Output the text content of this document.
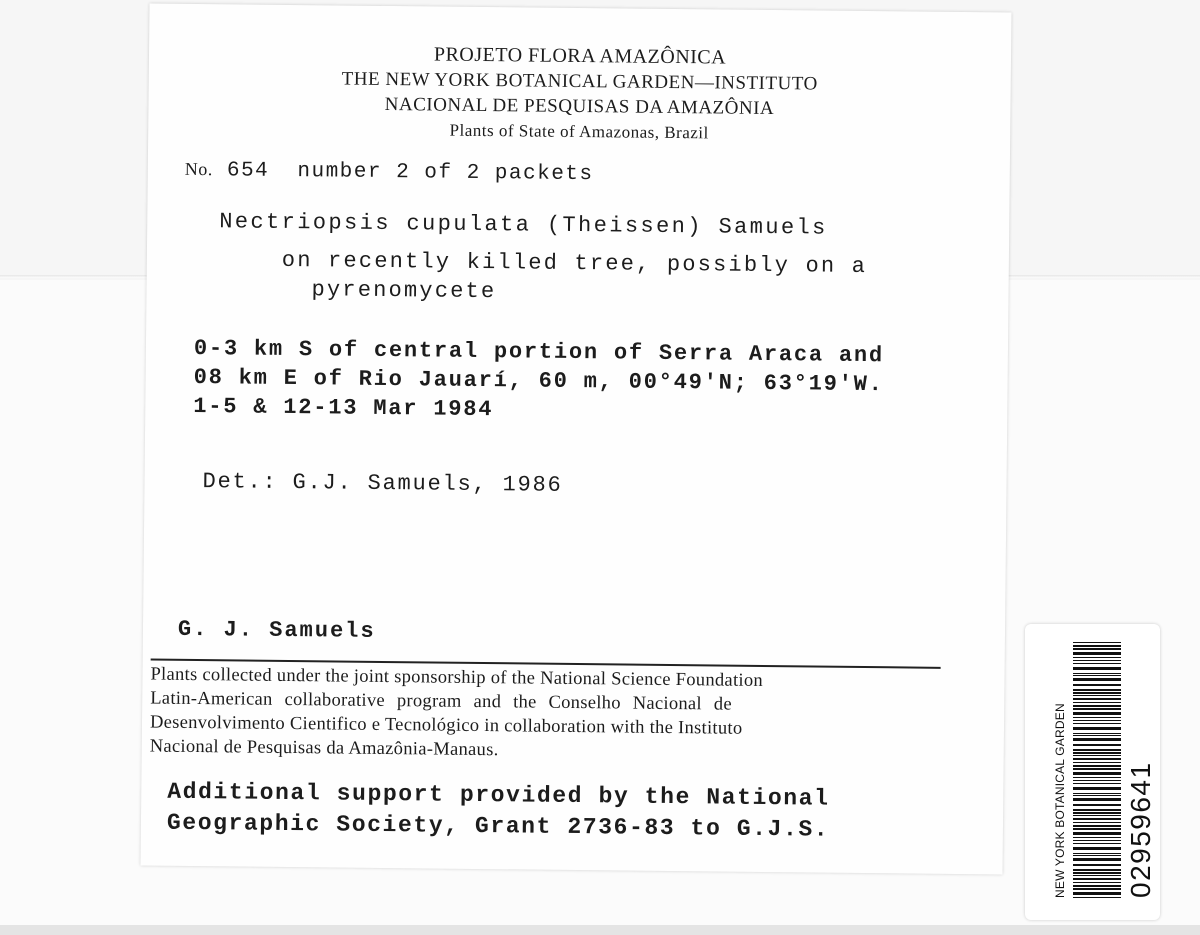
PROJETO FLORA AMAZÔNICA
THE NEW YORK BOTANICAL GARDEN—INSTITUTO
NACIONAL DE PESQUISAS DA AMAZÔNIA
Plants of State of Amazonas, Brazil
No. 654 number 2 of 2 packets
Nectriopsis cupulata (Theissen) Samuels
on recently killed tree, possibly on a
pyrenomycete
0-3 km S of central portion of Serra Araca and
08 km E of Rio Jauarí, 60 m, 00°49'N; 63°19'W.
1-5 & 12-13 Mar 1984
Det.: G.J. Samuels, 1986
G. J. Samuels
Plants collected under the joint sponsorship of the National Science Foundation
Latin-American collaborative program and the Conselho Nacional de
Desenvolvimento Cientifico e Tecnológico in collaboration with the Instituto
Nacional de Pesquisas da Amazônia-Manaus.
Additional support provided by the National
Geographic Society, Grant 2736-83 to G.J.S.	NEW YORK BOTANICAL GARDEN 02959641
